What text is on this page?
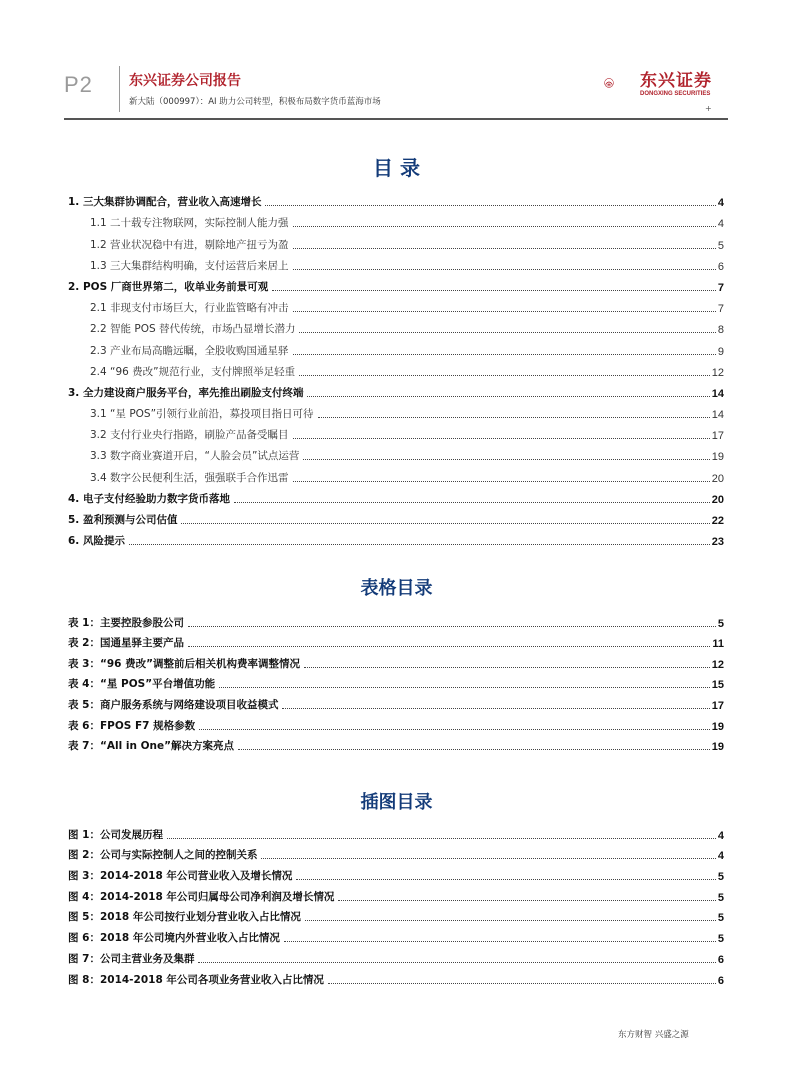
P2	东兴证券公司报告
新大陆（000997）：AI 助力公司转型，积极布局数字货币蓝海市场
东兴证券
DONGXING SECURITIES
+
目 录
1. 三大集群协调配合，营业收入高速增长	4
1.1 二十载专注物联网，实际控制人能力强	4
1.2 营业状况稳中有进，剔除地产扭亏为盈	5
1.3 三大集群结构明确，支付运营后来居上	6
2. POS 厂商世界第二，收单业务前景可观	7
2.1 非现支付市场巨大，行业监管略有冲击	7
2.2 智能 POS 替代传统，市场凸显增长潜力	8
2.3 产业布局高瞻远瞩，全股收购国通星驿	9
2.4 “96 费改”规范行业，支付牌照举足轻重	12
3. 全力建设商户服务平台，率先推出刷脸支付终端	14
3.1 “星 POS”引领行业前沿，募投项目指日可待	14
3.2 支付行业央行指路，刷脸产品备受瞩目	17
3.3 数字商业赛道开启，“人脸会员”试点运营	19
3.4 数字公民便利生活，强强联手合作迅雷	20
4. 电子支付经验助力数字货币落地	20
5. 盈利预测与公司估值	22
6. 风险提示	23
表格目录
表 1：主要控股参股公司	5
表 2：国通星驿主要产品	11
表 3：“96 费改”调整前后相关机构费率调整情况	12
表 4：“星 POS”平台增值功能	15
表 5：商户服务系统与网络建设项目收益模式	17
表 6：FPOS F7 规格参数	19
表 7：“All in One”解决方案亮点	19
插图目录
图 1：公司发展历程	4
图 2：公司与实际控制人之间的控制关系	4
图 3：2014-2018 年公司营业收入及增长情况	5
图 4：2014-2018 年公司归属母公司净利润及增长情况	5
图 5：2018 年公司按行业划分营业收入占比情况	5
图 6：2018 年公司境内外营业收入占比情况	5
图 7：公司主营业务及集群	6
图 8：2014-2018 年公司各项业务营业收入占比情况	6
东方财智 兴盛之源
